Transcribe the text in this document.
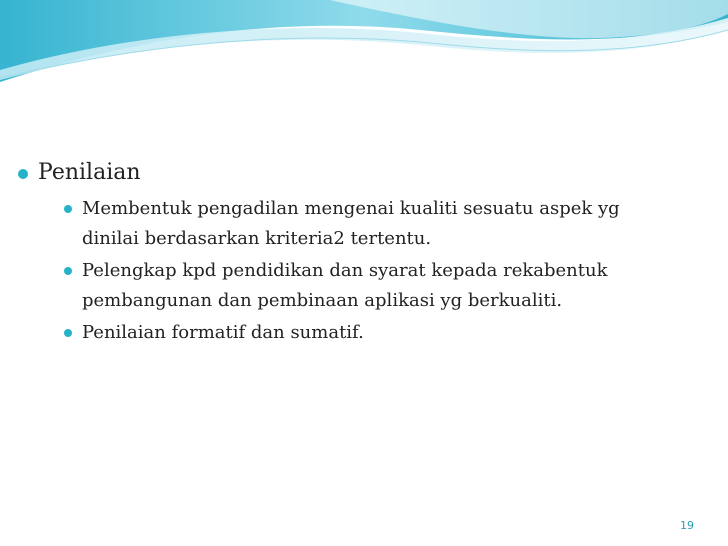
Penilaian
Membentuk pengadilan mengenai kualiti sesuatu aspek yg dinilai berdasarkan kriteria2 tertentu.
Pelengkap kpd pendidikan dan syarat kepada rekabentuk pembangunan dan pembinaan aplikasi yg berkualiti.
Penilaian formatif dan sumatif.
19
